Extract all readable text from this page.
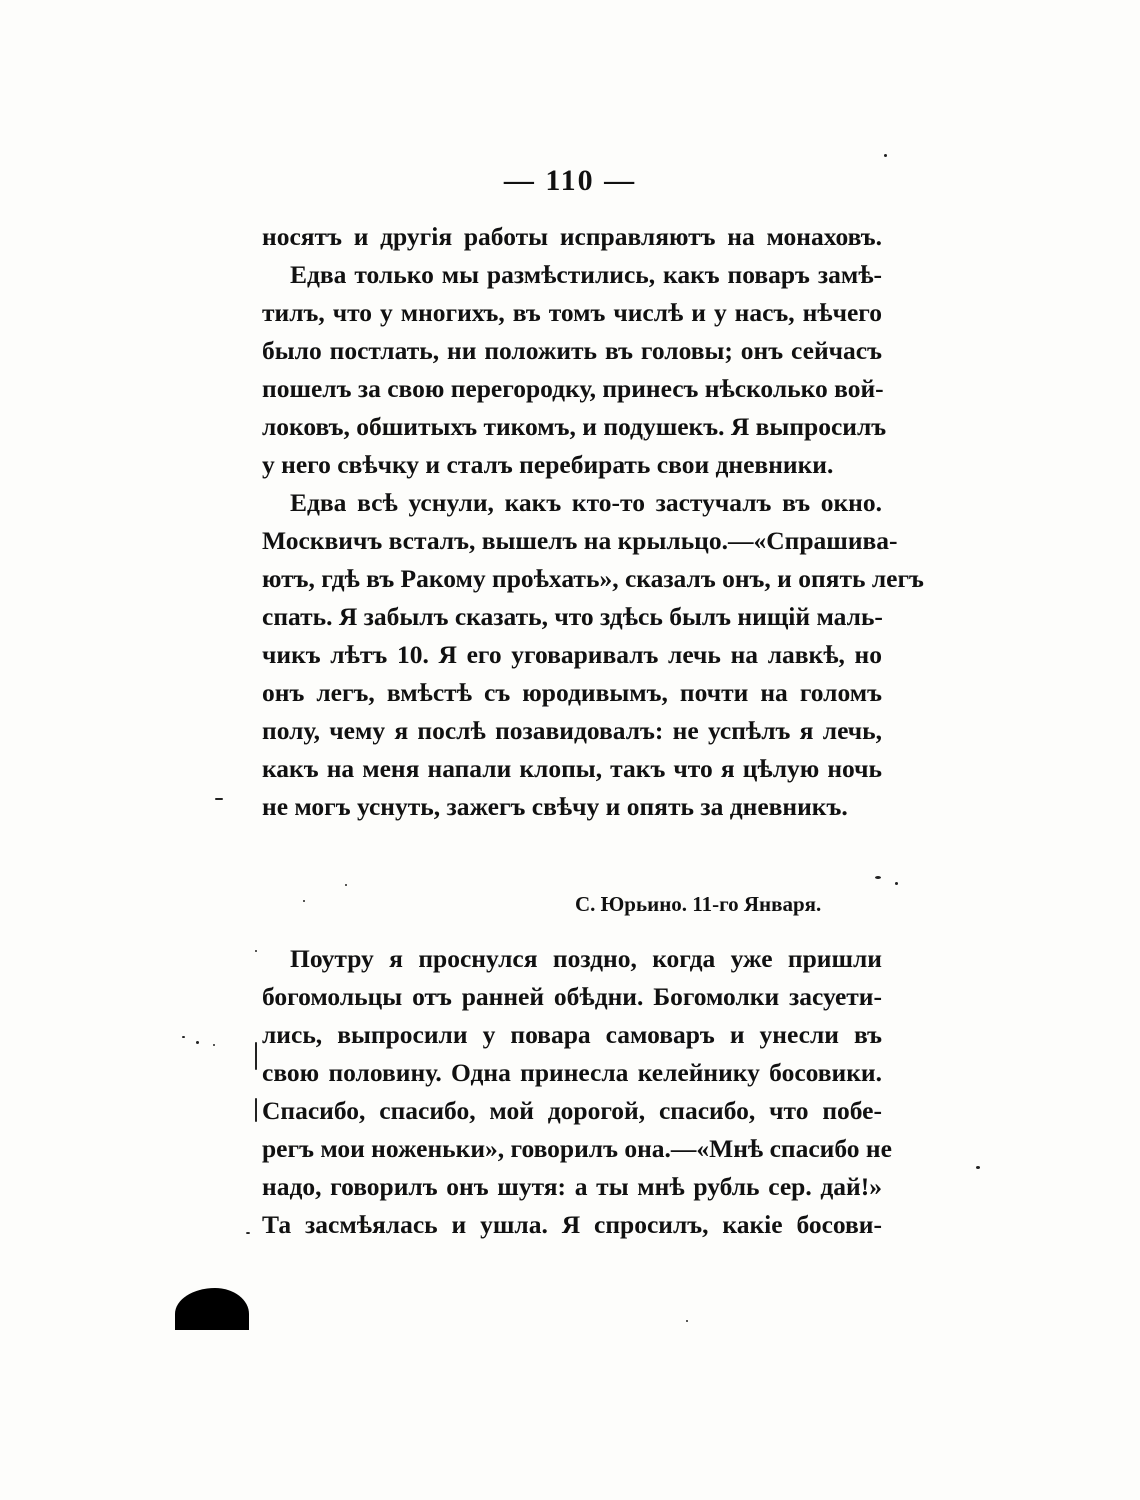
— 110 —
носятъ и другія работы исправляютъ на монаховъ.
Едва только мы размѣстились, какъ поваръ замѣ-
тилъ, что у многихъ, въ томъ числѣ и у насъ, нѣчего
было постлать, ни положить въ головы; онъ сейчасъ
пошелъ за свою перегородку, принесъ нѣсколько вой-
локовъ, обшитыхъ тикомъ, и подушекъ. Я выпросилъ
у него свѣчку и сталъ перебирать свои дневники.
Едва всѣ уснули, какъ кто-то застучалъ въ окно.
Москвичъ всталъ, вышелъ на крыльцо.—«Спрашива-
ютъ, гдѣ въ Ракому проѣхать», сказалъ онъ, и опять легъ
спать. Я забылъ сказать, что здѣсь былъ нищій маль-
чикъ лѣтъ 10. Я его уговаривалъ лечь на лавкѣ, но
онъ легъ, вмѣстѣ съ юродивымъ, почти на голомъ
полу, чему я послѣ позавидовалъ: не успѣлъ я лечь,
какъ на меня напали клопы, такъ что я цѣлую ночь
не могъ уснуть, зажегъ свѣчу и опять за дневникъ.
С. Юрьино. 11-го Января.
Поутру я проснулся поздно, когда уже пришли
богомольцы отъ ранней обѣдни. Богомолки засуети-
лись, выпросили у повара самоваръ и унесли въ
свою половину. Одна принесла келейнику босовики.
Спасибо, спасибо, мой дорогой, спасибо, что побе-
регъ мои ноженьки», говорилъ она.—«Мнѣ спасибо не
надо, говорилъ онъ шутя: а ты мнѣ рубль сер. дай!»
Та засмѣялась и ушла. Я спросилъ, какіе босови-
